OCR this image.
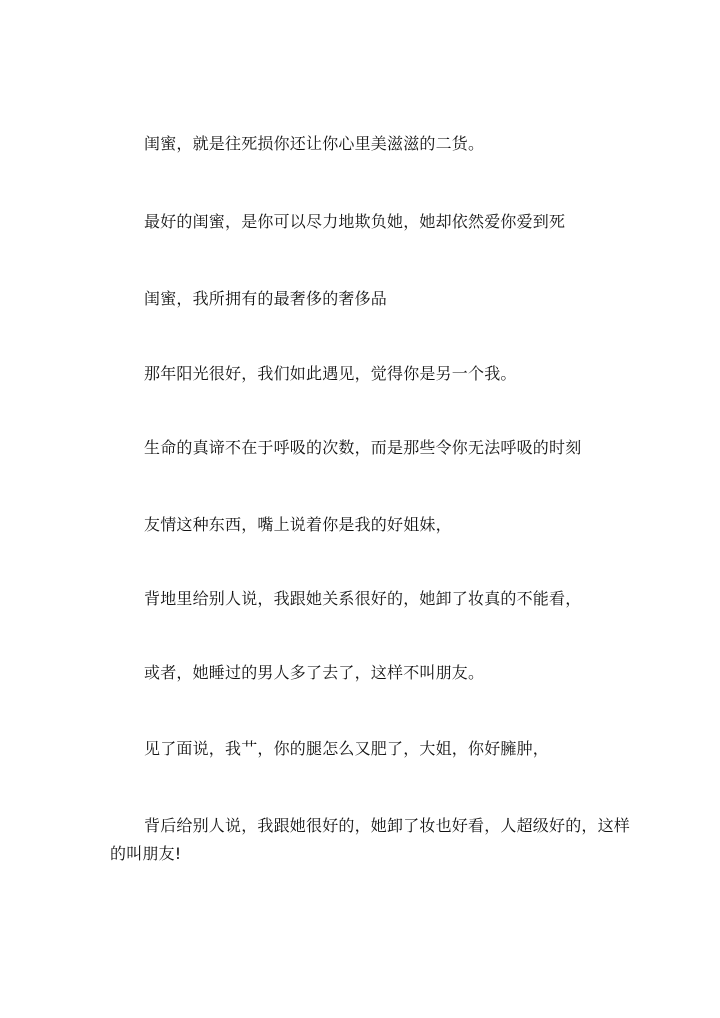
闺蜜，就是往死损你还让你心里美滋滋的二货。

最好的闺蜜，是你可以尽力地欺负她，她却依然爱你爱到死

闺蜜，我所拥有的最奢侈的奢侈品

那年阳光很好，我们如此遇见，觉得你是另一个我。

生命的真谛不在于呼吸的次数，而是那些令你无法呼吸的时刻

友情这种东西，嘴上说着你是我的好姐妹，

背地里给别人说，我跟她关系很好的，她卸了妆真的不能看，

或者，她睡过的男人多了去了，这样不叫朋友。

见了面说，我艹，你的腿怎么又肥了，大姐，你好臃肿，

背后给别人说，我跟她很好的，她卸了妆也好看，人超级好的，这样的叫朋友!
